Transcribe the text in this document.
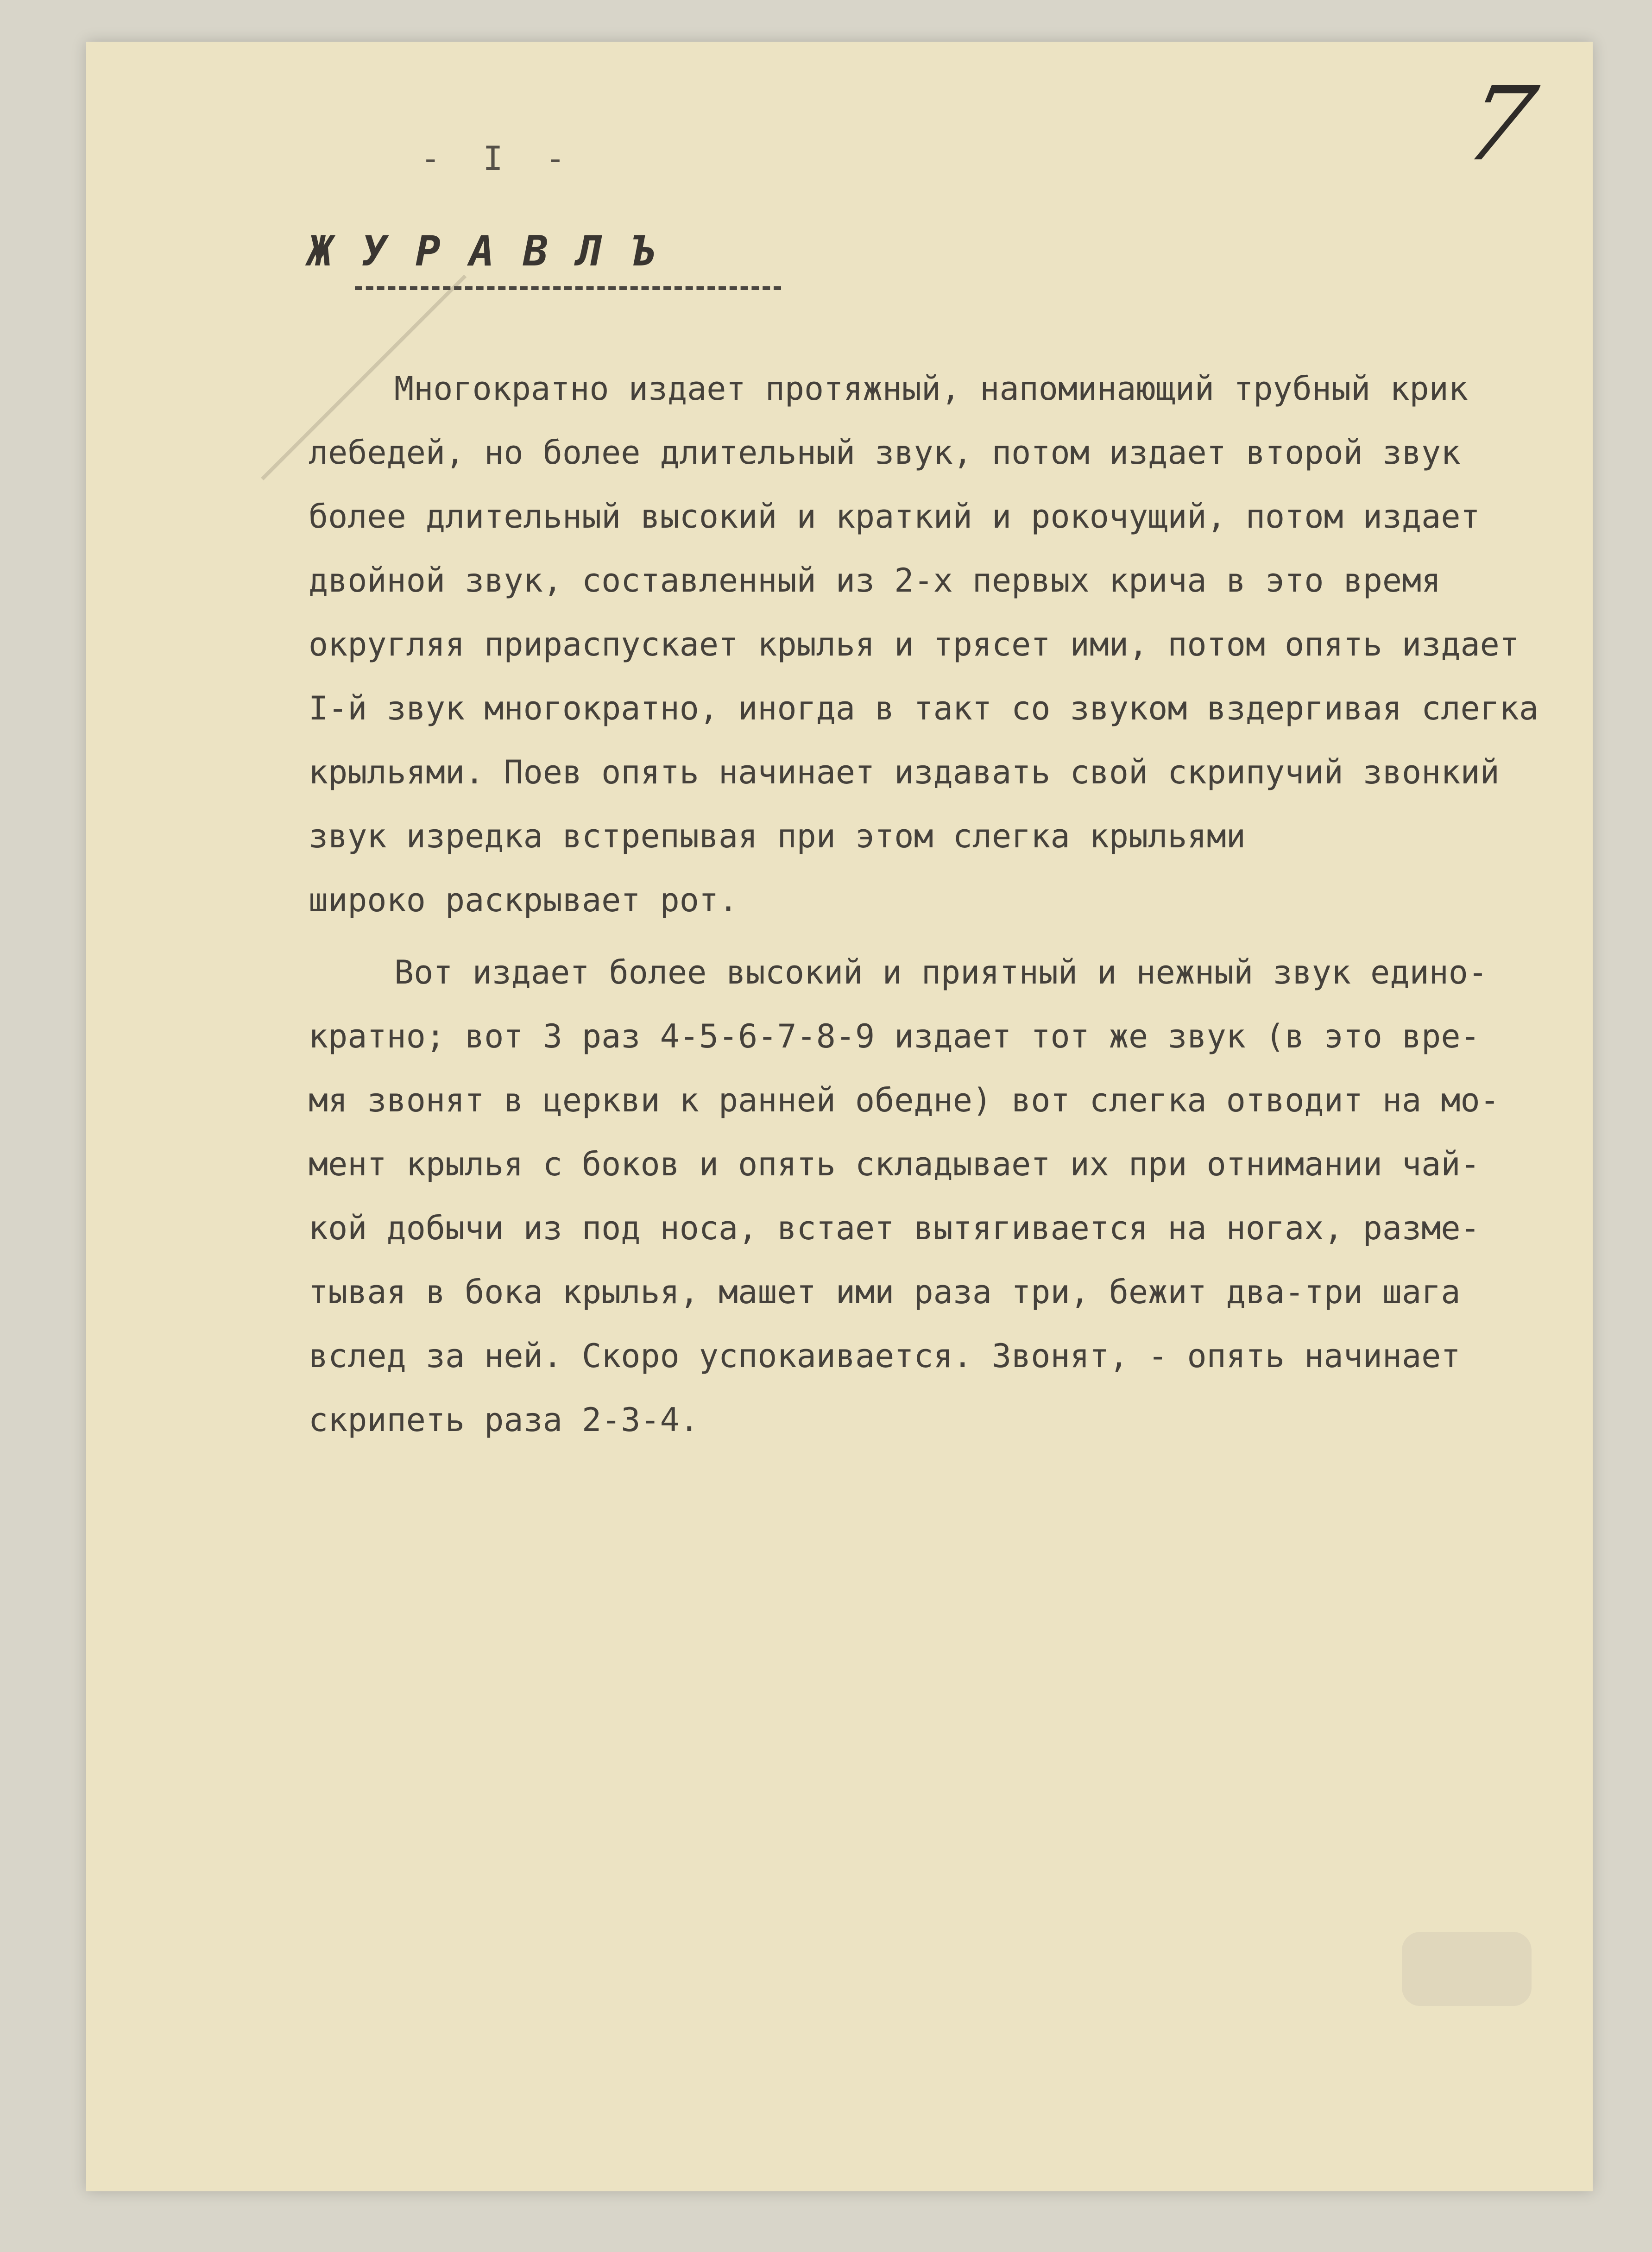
- I -	7
ЖУРАВЛЪ

Многократно издает протяжный, напоминающий трубный крик
лебедей, но более длительный звук, потом издает второй звук
более длительный высокий и краткий и рокочущий, потом издает
двойной звук, составленный из 2-х первых крича в это время
округляя прираспускает крылья и трясет ими, потом опять издает
I-й звук многократно, иногда в такт со звуком вздергивая слегка
крыльями. Поев опять начинает издавать свой скрипучий звонкий
звук изредка встрепывая при этом слегка крыльями
широко раскрывает рот.

Вот издает более высокий и приятный и нежный звук едино-
кратно; вот 3 раз 4-5-6-7-8-9 издает тот же звук (в это вре-
мя звонят в церкви к ранней обедне) вот слегка отводит на мо-
мент крылья с боков и опять складывает их при отнимании чай-
кой добычи из под носа, встает вытягивается на ногах, разме-
тывая в бока крылья, машет ими раза три, бежит два-три шага
вслед за ней. Скоро успокаивается. Звонят, - опять начинает
скрипеть раза 2-3-4.
